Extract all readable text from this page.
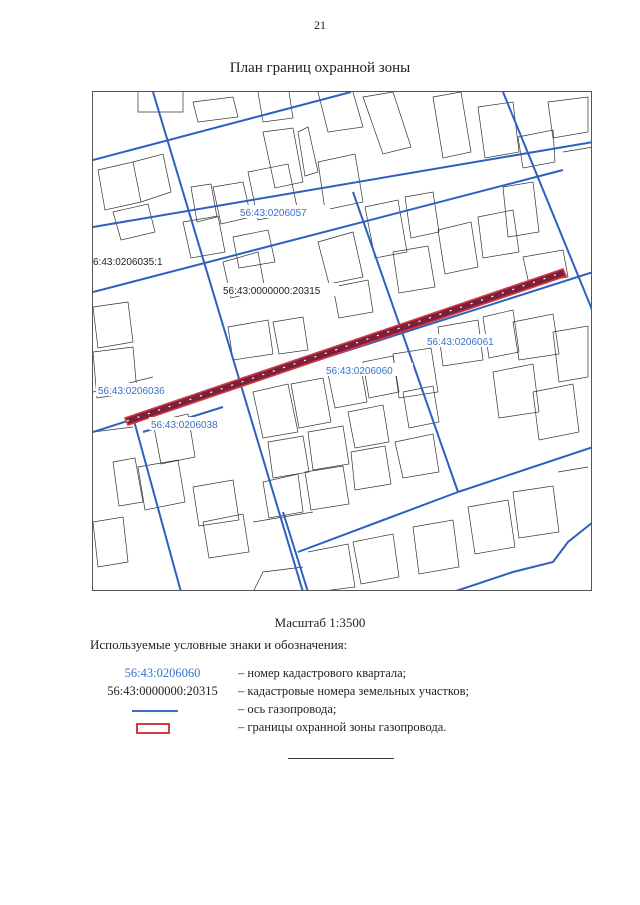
21
План границ охранной зоны
56:43:0206057
6:43:0206035:1
56:43:0000000:20315
56:43:0206061
56:43:0206060
56:43:0206036
56:43:0206038
Масштаб 1:3500
Используемые условные знаки и обозначения:
56:43:0206060	– номер кадастрового квартала;
56:43:0000000:20315	– кадастровые номера земельных участков;
– ось газопровода;
– границы охранной зоны газопровода.
